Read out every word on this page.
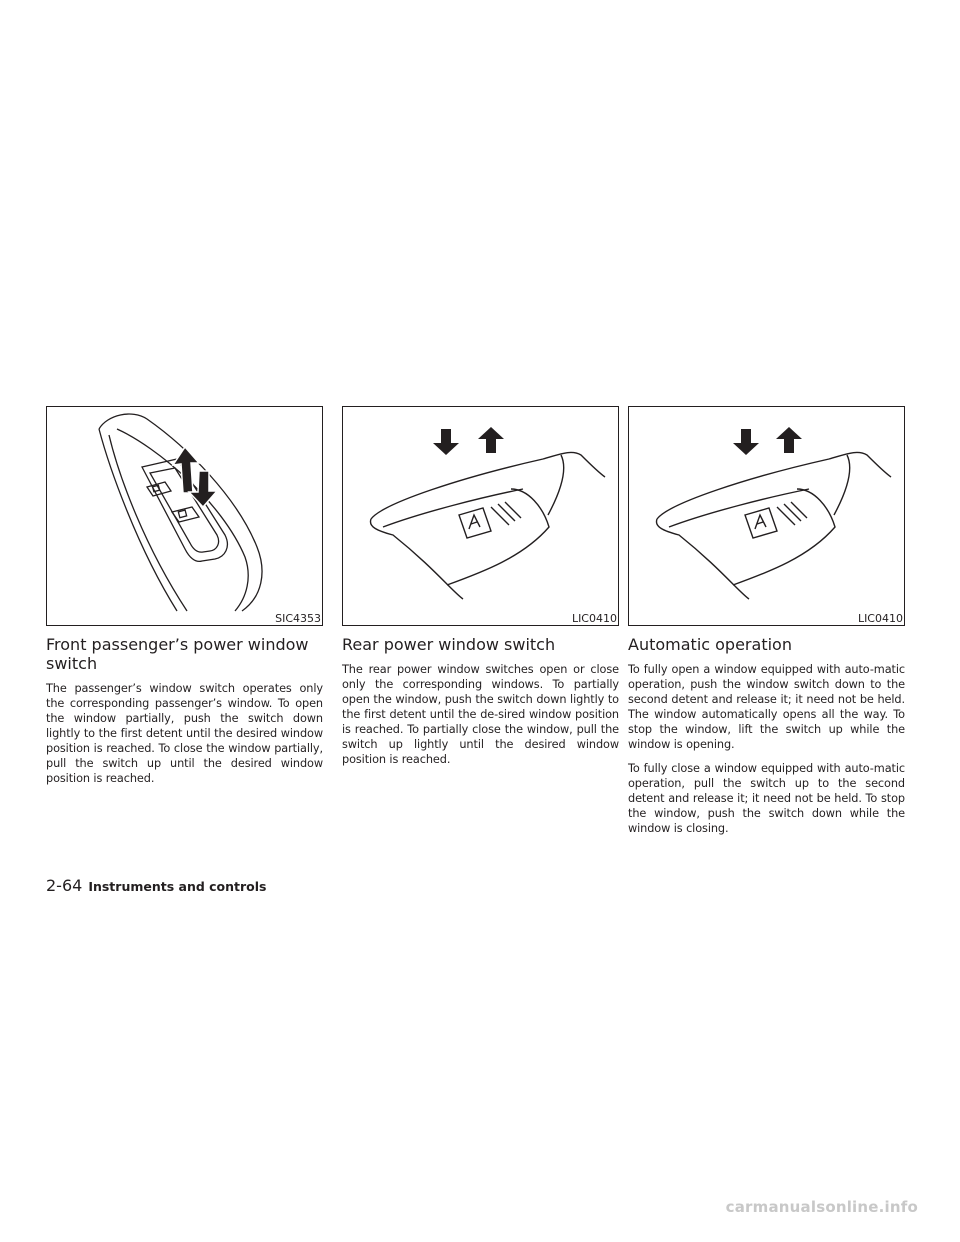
SIC4353
Front passenger’s power window switch

The passenger’s window switch operates only the corresponding passenger’s window. To open the window partially, push the switch down lightly to the first detent until the desired window position is reached. To close the window partially, pull the switch up until the desired window position is reached.

LIC0410
Rear power window switch

The rear power window switches open or close only the corresponding windows. To partially open the window, push the switch down lightly to the first detent until the de-sired window position is reached. To partially close the window, pull the switch up lightly until the desired window position is reached.

LIC0410
Automatic operation

To fully open a window equipped with auto-matic operation, push the window switch down to the second detent and release it; it need not be held. The window automatically opens all the way. To stop the window, lift the switch up while the window is opening.

To fully close a window equipped with auto-matic operation, pull the switch up to the second detent and release it; it need not be held. To stop the window, push the switch down while the window is closing.

2-64 Instruments and controls
carmanualsonline.info
